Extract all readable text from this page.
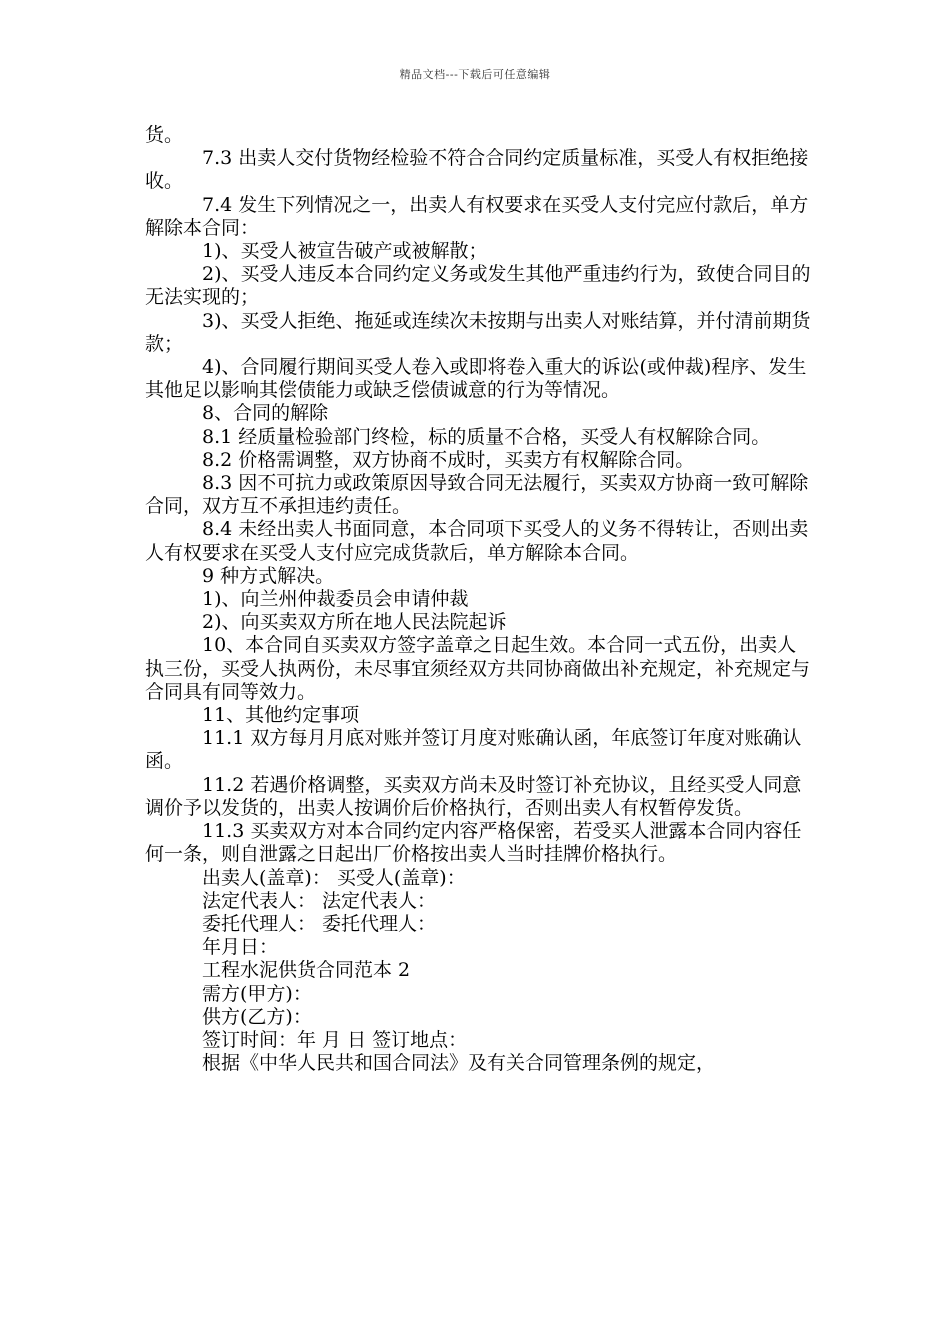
精品文档---下载后可任意编辑

货。

7.3 出卖人交付货物经检验不符合合同约定质量标准，买受人有权拒绝接收。

7.4 发生下列情况之一，出卖人有权要求在买受人支付完应付款后，单方解除本合同：

1)、买受人被宣告破产或被解散；

2)、买受人违反本合同约定义务或发生其他严重违约行为，致使合同目的无法实现的；

3)、买受人拒绝、拖延或连续次未按期与出卖人对账结算，并付清前期货款；

4)、合同履行期间买受人卷入或即将卷入重大的诉讼(或仲裁)程序、发生其他足以影响其偿债能力或缺乏偿债诚意的行为等情况。

8、合同的解除

8.1 经质量检验部门终检，标的质量不合格，买受人有权解除合同。

8.2 价格需调整，双方协商不成时，买卖方有权解除合同。

8.3 因不可抗力或政策原因导致合同无法履行，买卖双方协商一致可解除合同，双方互不承担违约责任。

8.4 未经出卖人书面同意，本合同项下买受人的义务不得转让，否则出卖人有权要求在买受人支付应完成货款后，单方解除本合同。

9 种方式解决。

1)、向兰州仲裁委员会申请仲裁

2)、向买卖双方所在地人民法院起诉

10、本合同自买卖双方签字盖章之日起生效。本合同一式五份，出卖人执三份，买受人执两份，未尽事宜须经双方共同协商做出补充规定，补充规定与合同具有同等效力。

11、其他约定事项

11.1 双方每月月底对账并签订月度对账确认函，年底签订年度对账确认函。

11.2 若遇价格调整，买卖双方尚未及时签订补充协议，且经买受人同意调价予以发货的，出卖人按调价后价格执行，否则出卖人有权暂停发货。

11.3 买卖双方对本合同约定内容严格保密，若受买人泄露本合同内容任何一条，则自泄露之日起出厂价格按出卖人当时挂牌价格执行。

出卖人(盖章)： 买受人(盖章)：

法定代表人： 法定代表人：

委托代理人： 委托代理人：

年月日：

工程水泥供货合同范本 2

需方(甲方)：

供方(乙方)：

签订时间：年 月 日 签订地点：

根据《中华人民共和国合同法》及有关合同管理条例的规定，
